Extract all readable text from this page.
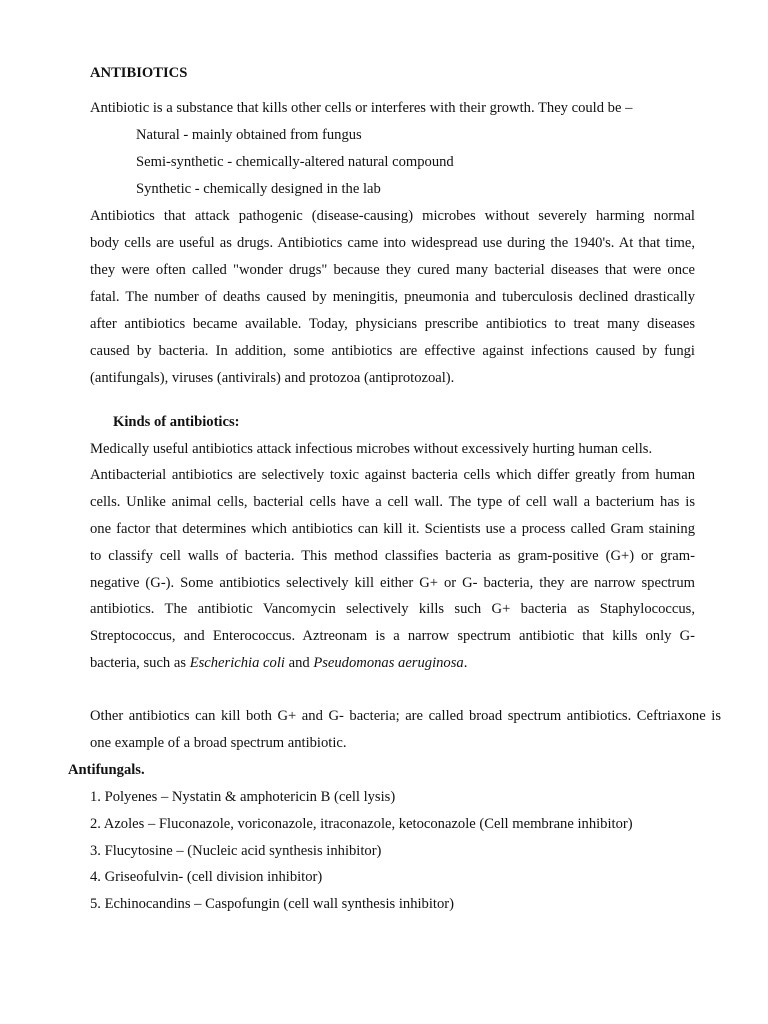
ANTIBIOTICS
Antibiotic is a substance that kills other cells or interferes with their growth. They could be –
Natural - mainly obtained from fungus
Semi-synthetic - chemically-altered natural compound
Synthetic - chemically designed in the lab
Antibiotics that attack pathogenic (disease-causing) microbes without severely harming normal
body cells are useful as drugs. Antibiotics came into widespread use during the 1940's. At that time,
they were often called "wonder drugs" because they cured many bacterial diseases that were once
fatal. The number of deaths caused by meningitis, pneumonia and tuberculosis declined drastically
after antibiotics became available. Today, physicians prescribe antibiotics to treat many diseases
caused by bacteria. In addition, some antibiotics are effective against infections caused by fungi
(antifungals), viruses (antivirals) and protozoa (antiprotozoal).
Kinds of antibiotics:
Medically useful antibiotics attack infectious microbes without excessively hurting human cells.
Antibacterial antibiotics are selectively toxic against bacteria cells which differ greatly from human
cells. Unlike animal cells, bacterial cells have a cell wall. The type of cell wall a bacterium has is
one factor that determines which antibiotics can kill it. Scientists use a process called Gram staining
to classify cell walls of bacteria. This method classifies bacteria as gram-positive (G+) or gram-
negative (G-). Some antibiotics selectively kill either G+ or G- bacteria, they are narrow spectrum
antibiotics. The antibiotic Vancomycin selectively kills such G+ bacteria as Staphylococcus,
Streptococcus, and Enterococcus. Aztreonam is a narrow spectrum antibiotic that kills only G-
bacteria, such as Escherichia coli and Pseudomonas aeruginosa.
Other antibiotics can kill both G+ and G- bacteria; are called broad spectrum antibiotics. Ceftriaxone is
one example of a broad spectrum antibiotic.
Antifungals.
1. Polyenes – Nystatin & amphotericin B (cell lysis)
2. Azoles – Fluconazole, voriconazole, itraconazole, ketoconazole (Cell membrane inhibitor)
3. Flucytosine – (Nucleic acid synthesis inhibitor)
4. Griseofulvin- (cell division inhibitor)
5. Echinocandins – Caspofungin (cell wall synthesis inhibitor)
